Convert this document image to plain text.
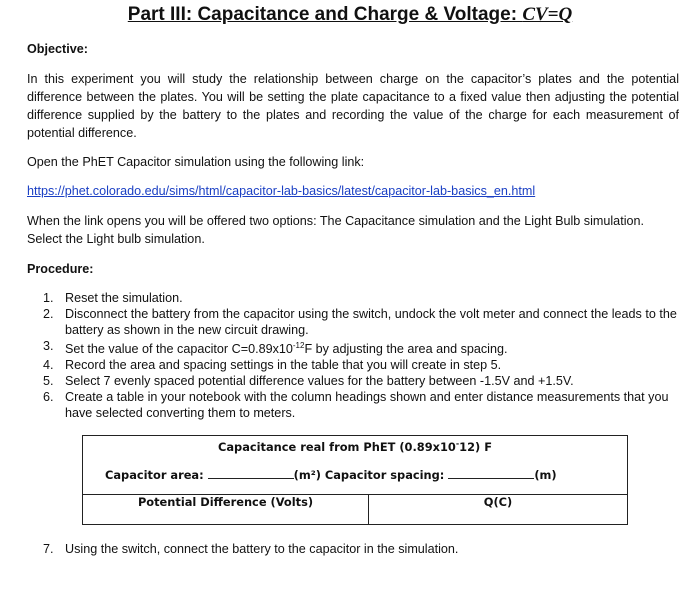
Part III: Capacitance and Charge & Voltage: CV=Q
Objective:
In this experiment you will study the relationship between charge on the capacitor’s plates and the potential difference between the plates. You will be setting the plate capacitance to a fixed value then adjusting the potential difference supplied by the battery to the plates and recording the value of the charge for each measurement of potential difference.
Open the PhET Capacitor simulation using the following link:
https://phet.colorado.edu/sims/html/capacitor-lab-basics/latest/capacitor-lab-basics_en.html
When the link opens you will be offered two options: The Capacitance simulation and the Light Bulb simulation. Select the Light bulb simulation.
Procedure:
1. Reset the simulation.
2. Disconnect the battery from the capacitor using the switch, undock the volt meter and connect the leads to the battery as shown in the new circuit drawing.
3. Set the value of the capacitor $C=0.89x10^{-12}F$ by adjusting the area and spacing.
4. Record the area and spacing settings in the table that you will create in step 5.
5. Select 7 evenly spaced potential difference values for the battery between -1.5V and +1.5V.
6. Create a table in your notebook with the column headings shown and enter distance measurements that you have selected converting them to meters.
Capacitance real from PhET (0.89x10-12) F
Capacitor area:	(m²) Capacitor spacing:	(m)

Potential Difference (Volts)	Q(C)
7. Using the switch, connect the battery to the capacitor in the simulation.
